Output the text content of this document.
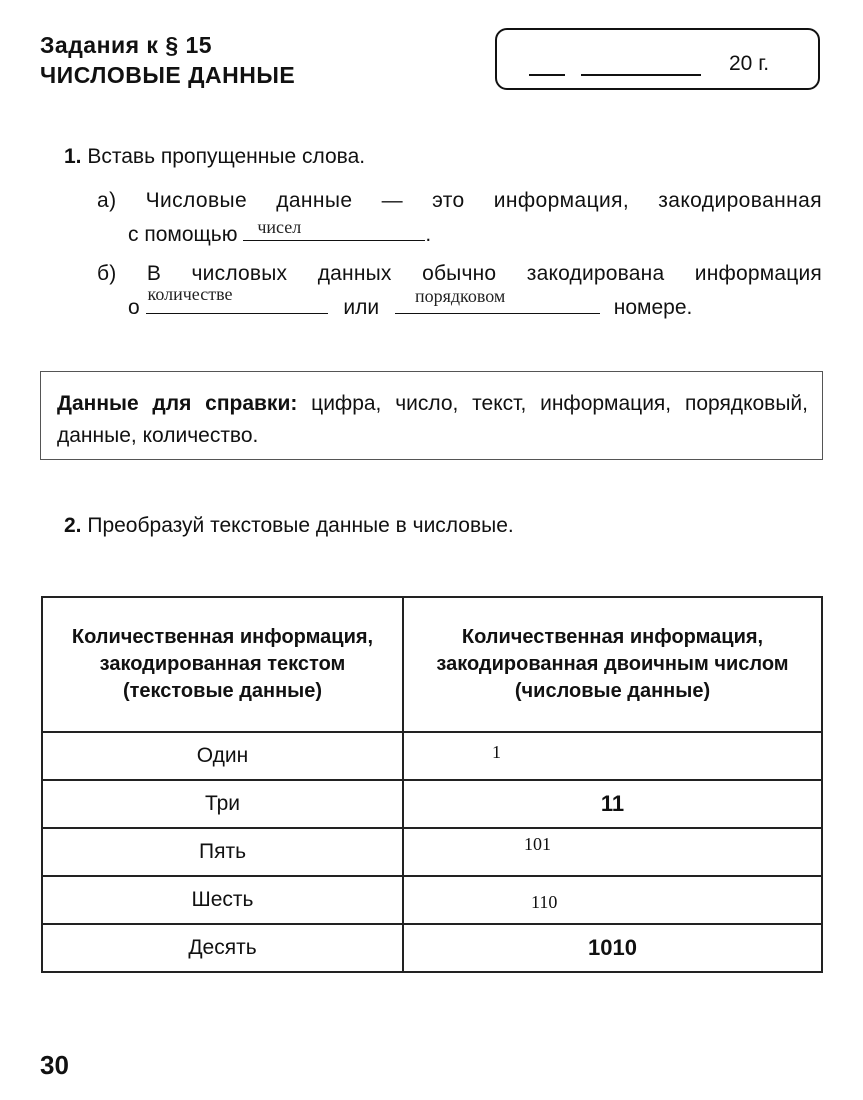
Задания к § 15
ЧИСЛОВЫЕ ДАННЫЕ	20 г.
1. Вставь пропущенные слова.
а) Числовые данные — это информация, закодированная
с помощью чисел	.
б) В числовых данных обычно закодирована информация
о
количестве
или порядковом	номере.
Данные для справки: цифра, число, текст, информация, порядковый, данные, количество.
2. Преобразуй текстовые данные в числовые.
Количественная информация, закодированная текстом (текстовые данные)	Количественная информация, закодированная двоичным числом (числовые данные)

Один	1
Три	11
Пять	101
Шесть	110
Десять	1010
30
